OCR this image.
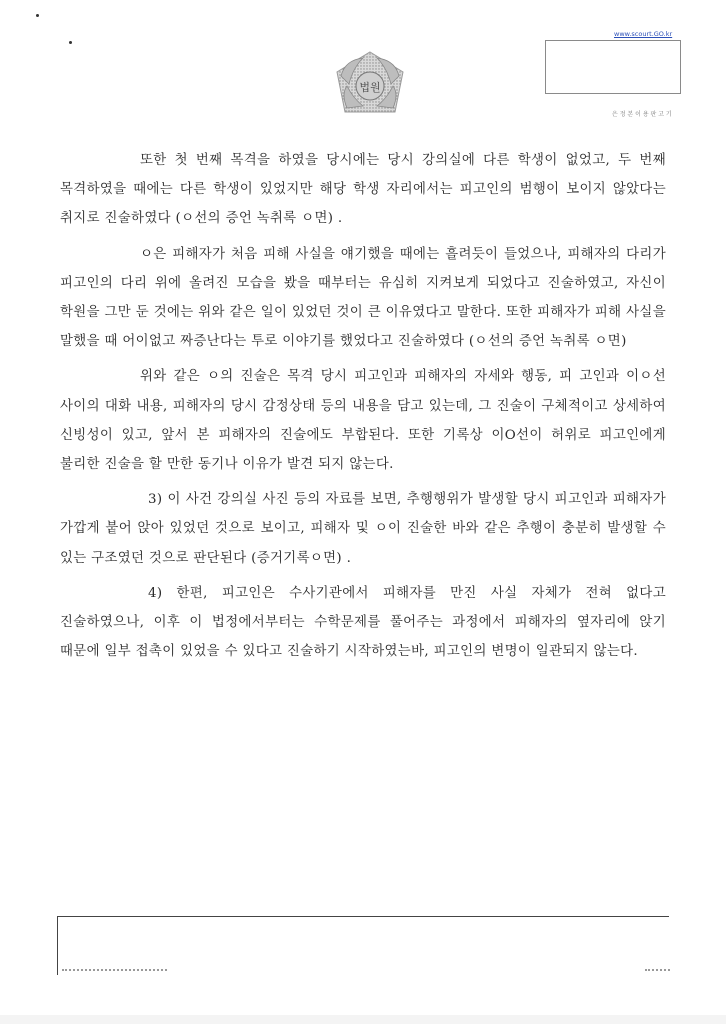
법원
www.scourt.GO.kr
은 정 본 이 용 판 고 기

또한 첫 번째 목격을 하였을 당시에는 당시 강의실에 다른 학생이 없었고, 두 번째 목격하였을 때에는 다른 학생이 있었지만 해당 학생 자리에서는 피고인의 범행이 보이지 않았다는 취지로 진술하였다 (ㅇ선의 증언 녹취록 ㅇ면) .

ㅇ은 피해자가 처음 피해 사실을 얘기했을 때에는 흘려듯이 들었으나, 피해자의 다리가 피고인의 다리 위에 올려진 모습을 봤을 때부터는 유심히 지켜보게 되었다고 진술하였고, 자신이 학원을 그만 둔 것에는 위와 같은 일이 있었던 것이 큰 이유였다고 말한다. 또한 피해자가 피해 사실을 말했을 때 어이없고 짜증난다는 투로 이야기를 했었다고 진술하였다 (ㅇ선의 증언 녹취록 ㅇ면)

위와 같은 ㅇ의 진술은 목격 당시 피고인과 피해자의 자세와 행동, 피 고인과 이ㅇ선 사이의 대화 내용, 피해자의 당시 감정상태 등의 내용을 담고 있는데, 그 진술이 구체적이고 상세하여 신빙성이 있고, 앞서 본 피해자의 진술에도 부합된다. 또한 기록상 이O선이 허위로 피고인에게 불리한 진술을 할 만한 동기나 이유가 발견 되지 않는다.

3) 이 사건 강의실 사진 등의 자료를 보면, 추행행위가 발생할 당시 피고인과 피해자가 가깝게 붙어 앉아 있었던 것으로 보이고, 피해자 및 ㅇ이 진술한 바와 같은 추행이 충분히 발생할 수 있는 구조였던 것으로 판단된다 (증거기록ㅇ면) .

4) 한편, 피고인은 수사기관에서 피해자를 만진 사실 자체가 전혀 없다고 진술하였으나, 이후 이 법정에서부터는 수학문제를 풀어주는 과정에서 피해자의 옆자리에 앉기 때문에 일부 접촉이 있었을 수 있다고 진술하기 시작하였는바, 피고인의 변명이 일관되지 않는다.
